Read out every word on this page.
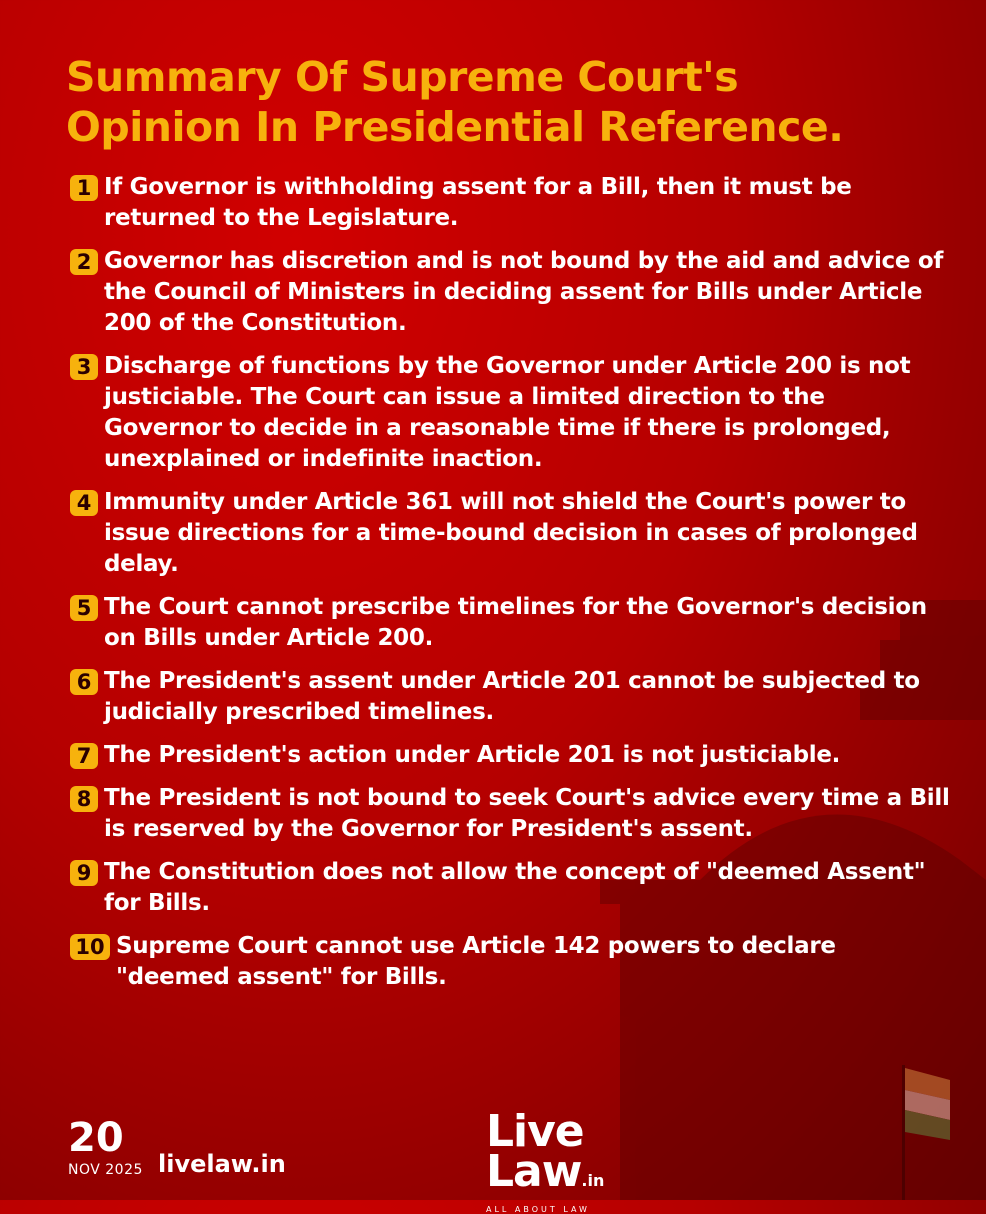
Summary Of Supreme Court's
Opinion In Presidential Reference.
1 If Governor is withholding assent for a Bill, then it must be returned to the Legislature.
2 Governor has discretion and is not bound by the aid and advice of the Council of Ministers in deciding assent for Bills under Article 200 of the Constitution.
3 Discharge of functions by the Governor under Article 200 is not justiciable. The Court can issue a limited direction to the Governor to decide in a reasonable time if there is prolonged, unexplained or indefinite inaction.
4 Immunity under Article 361 will not shield the Court's power to issue directions for a time-bound decision in cases of prolonged delay.
5 The Court cannot prescribe timelines for the Governor's decision on Bills under Article 200.
6 The President's assent under Article 201 cannot be subjected to judicially prescribed timelines.
7 The President's action under Article 201 is not justiciable.
8 The President is not bound to seek Court's advice every time a Bill is reserved by the Governor for President's assent.
9 The Constitution does not allow the concept of "deemed Assent" for Bills.
10 Supreme Court cannot use Article 142 powers to declare "deemed assent" for Bills.
20
NOV 2025 livelaw.in
Live
Law.in
ALL ABOUT LAW
